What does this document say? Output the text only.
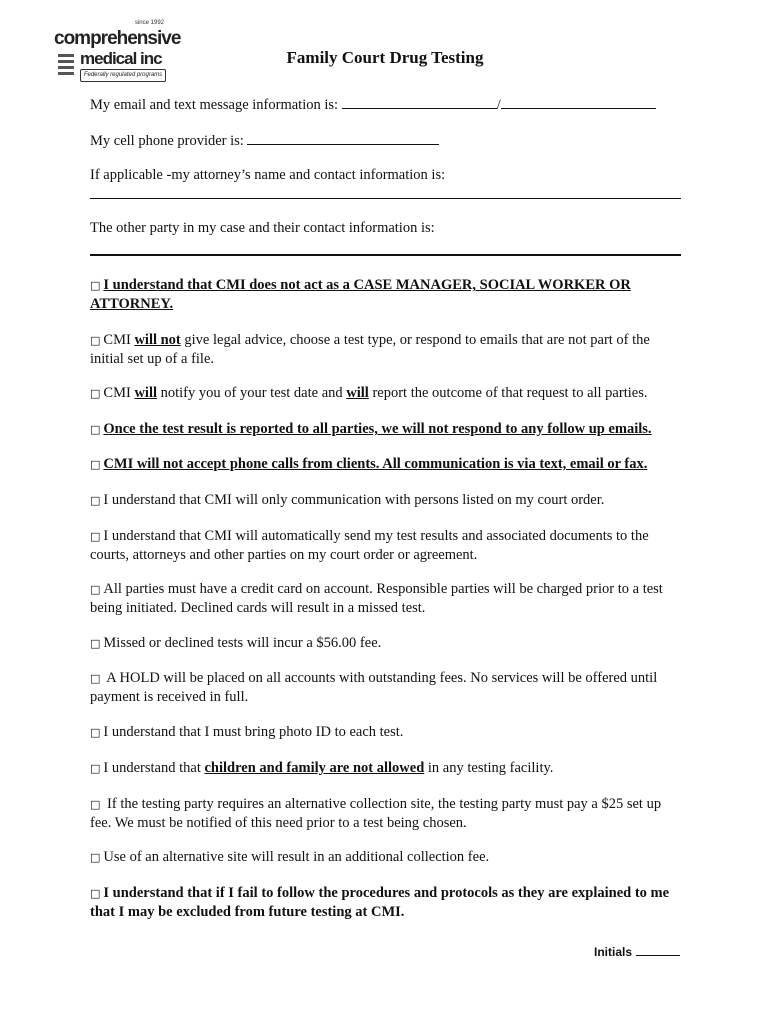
since 1992
comprehensive
medical inc
Federally regulated programs
Family Court Drug Testing
My email and text message information is:	/
My cell phone provider is:
If applicable -my attorney’s name and contact information is:
The other party in my case and their contact information is:
□ I understand that CMI does not act as a CASE MANAGER, SOCIAL WORKER OR ATTORNEY.
□ CMI will not give legal advice, choose a test type, or respond to emails that are not part of the initial set up of a file.
□ CMI will notify you of your test date and will report the outcome of that request to all parties.
□ Once the test result is reported to all parties, we will not respond to any follow up emails.
□ CMI will not accept phone calls from clients. All communication is via text, email or fax.
□ I understand that CMI will only communication with persons listed on my court order.
□ I understand that CMI will automatically send my test results and associated documents to the courts, attorneys and other parties on my court order or agreement.
□ All parties must have a credit card on account. Responsible parties will be charged prior to a test being initiated. Declined cards will result in a missed test.
□ Missed or declined tests will incur a $56.00 fee.
□ A HOLD will be placed on all accounts with outstanding fees. No services will be offered until payment is received in full.
□ I understand that I must bring photo ID to each test.
□ I understand that children and family are not allowed in any testing facility.
□ If the testing party requires an alternative collection site, the testing party must pay a $25 set up fee. We must be notified of this need prior to a test being chosen.
□ Use of an alternative site will result in an additional collection fee.
□ I understand that if I fail to follow the procedures and protocols as they are explained to me that I may be excluded from future testing at CMI.
Initials
